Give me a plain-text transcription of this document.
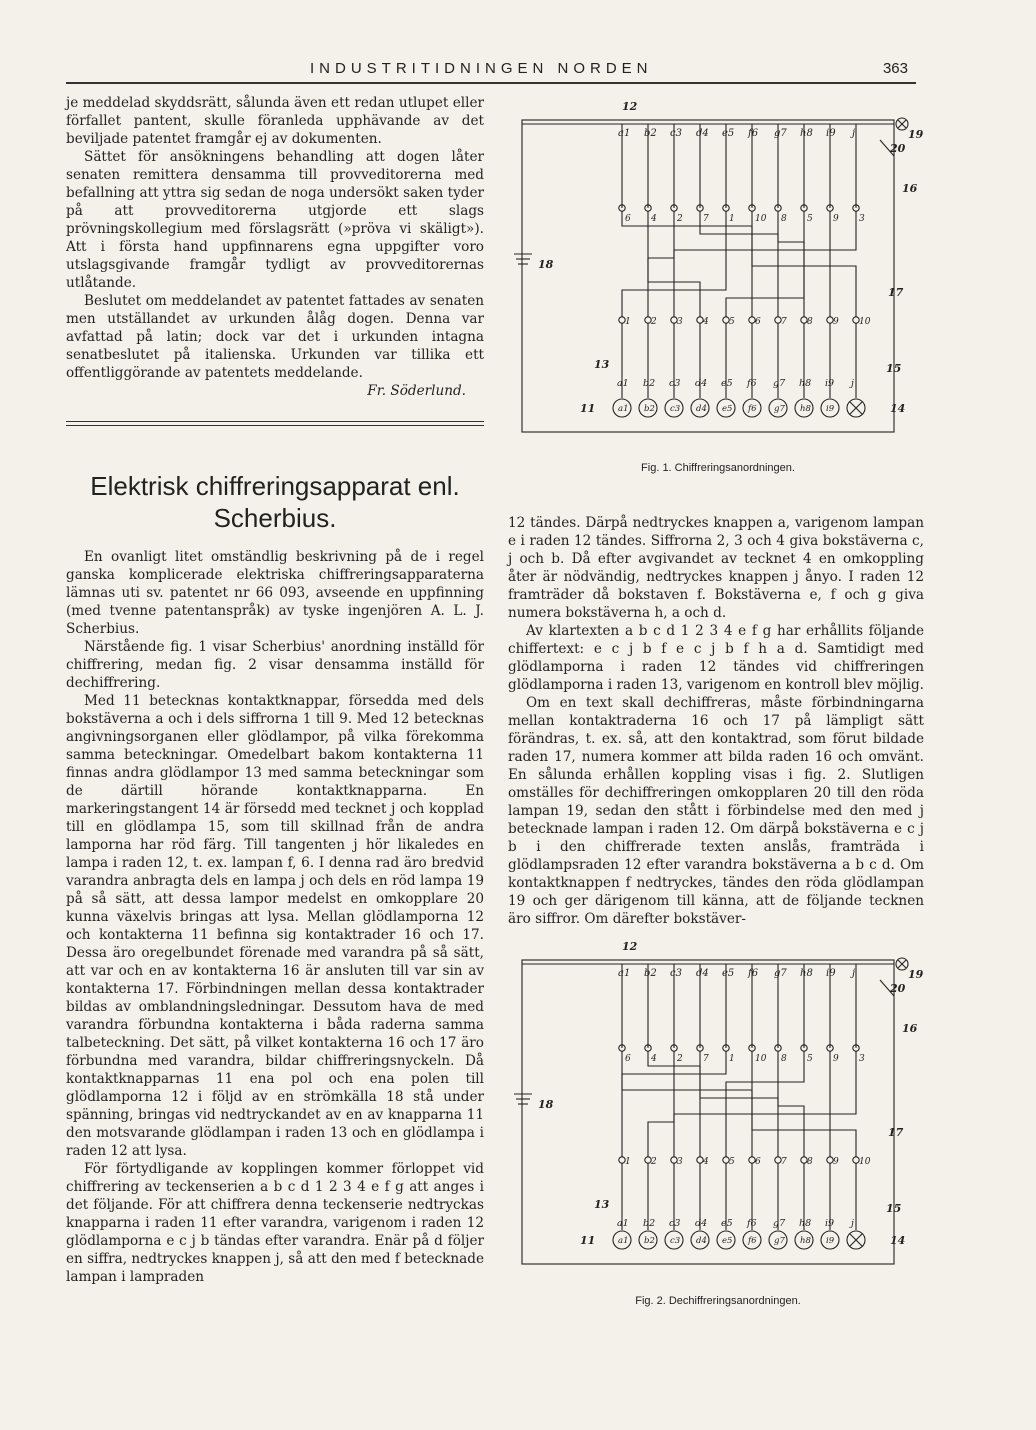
INDUSTRITIDNINGEN NORDEN	363

je meddelad skyddsrätt, sålunda även ett redan utlupet eller förfallet pantent, skulle föranleda upphävande av det beviljade patentet framgår ej av dokumenten.

Sättet för ansökningens behandling att dogen låter senaten remittera densamma till provveditorerna med befallning att yttra sig sedan de noga undersökt saken tyder på att provveditorerna utgjorde ett slags prövningskollegium med förslagsrätt (»pröva vi skäligt»). Att i första hand uppfinnarens egna uppgifter voro utslagsgivande framgår tydligt av provveditorernas utlåtande.

Beslutet om meddelandet av patentet fattades av senaten men utställandet av urkunden ålåg dogen. Denna var avfattad på latin; dock var det i urkunden intagna senatbeslutet på italienska. Urkunden var tillika ett offentliggörande av patentets meddelande.

Fr. Söderlund.

Elektrisk chiffreringsapparat enl. Scherbius.

En ovanligt litet omständlig beskrivning på de i regel ganska komplicerade elektriska chiffreringsapparaterna lämnas uti sv. patentet nr 66 093, avseende en uppfinning (med tvenne patentanspråk) av tyske ingenjören A. L. J. Scherbius.

Närstående fig. 1 visar Scherbius' anordning inställd för chiffrering, medan fig. 2 visar densamma inställd för dechiffrering.

Med 11 betecknas kontaktknappar, försedda med dels bokstäverna a och i dels siffrorna 1 till 9. Med 12 betecknas angivningsorganen eller glödlampor, på vilka förekomma samma beteckningar. Omedelbart bakom kontakterna 11 finnas andra glödlampor 13 med samma beteckningar som de därtill hörande kontaktknapparna. En markeringstangent 14 är försedd med tecknet j och kopplad till en glödlampa 15, som till skillnad från de andra lamporna har röd färg. Till tangenten j hör likaledes en lampa i raden 12, t. ex. lampan f, 6. I denna rad äro bredvid varandra anbragta dels en lampa j och dels en röd lampa 19 på så sätt, att dessa lampor medelst en omkopplare 20 kunna växelvis bringas att lysa. Mellan glödlamporna 12 och kontakterna 11 befinna sig kontaktrader 16 och 17. Dessa äro oregelbundet förenade med varandra på så sätt, att var och en av kontakterna 16 är ansluten till var sin av kontakterna 17. Förbindningen mellan dessa kontaktrader bildas av omblandningsledningar. Dessutom hava de med varandra förbundna kontakterna i båda raderna samma talbeteckning. Det sätt, på vilket kontakterna 16 och 17 äro förbundna med varandra, bildar chiffreringsnyckeln. Då kontaktknapparnas 11 ena pol och ena polen till glödlamporna 12 i följd av en strömkälla 18 stå under spänning, bringas vid nedtryckandet av en av knapparna 11 den motsvarande glödlampan i raden 13 och en glödlampa i raden 12 att lysa.

För förtydligande av kopplingen kommer förloppet vid chiffrering av teckenserien a b c d 1 2 3 4 e f g att anges i det följande. För att chiffrera denna teckenserie nedtryckas knapparna i raden 11 efter varandra, varigenom i raden 12 glödlamporna e c j b tändas efter varandra. Enär på d följer en siffra, nedtryckes knappen j, så att den med f betecknade lampan i lampraden

12 tändes. Därpå nedtryckes knappen a, varigenom lampan e i raden 12 tändes. Siffrorna 2, 3 och 4 giva bokstäverna c, j och b. Då efter avgivandet av tecknet 4 en omkoppling åter är nödvändig, nedtryckes knappen j ånyo. I raden 12 framträder då bokstaven f. Bokstäverna e, f och g giva numera bokstäverna h, a och d.

Av klartexten a b c d 1 2 3 4 e f g har erhållits följande chiffertext: e c j b f e c j b f h a d. Samtidigt med glödlamporna i raden 12 tändes vid chiffreringen glödlamporna i raden 13, varigenom en kontroll blev möjlig.

Om en text skall dechiffreras, måste förbindningarna mellan kontaktraderna 16 och 17 på lämpligt sätt förändras, t. ex. så, att den kontaktrad, som förut bildade raden 17, numera kommer att bilda raden 16 och omvänt. En sålunda erhållen koppling visas i fig. 2. Slutligen omställes för dechiffreringen omkopplaren 20 till den röda lampan 19, sedan den stått i förbindelse med den med j betecknade lampan i raden 12. Om därpå bokstäverna e c j b i den chiffrerade texten anslås, framträda i glödlampsraden 12 efter varandra bokstäverna a b c d. Om kontaktknappen f nedtryckes, tändes den röda glödlampan 19 och ger därigenom till känna, att de följande tecknen äro siffror. Om därefter bokstäver-

a1 b2 c3 d4 e5 f6 g7 h8 i9 j
6 4 2 7 1 10 8 5 9 3
1 2 3 4 5 6 7 8 9 10
a1 b2 c3 d4 e5 f6 g7 h8 i9 j
a1 b2 c3 d4 e5 f6 g7 h8 i9
12
19
20
16
18
17
13	15
11	14
Fig. 1. Chiffreringsanordningen.
a1 b2 c3 d4 e5 f6 g7 h8 i9 j
6 4 2 7 1 10 8 5 9 3
1 2 3 4 5 6 7 8 9 10
a1 b2 c3 d4 e5 f6 g7 h8 i9 j
a1 b2 c3 d4 e5 f6 g7 h8 i9
12
19
20
16
18
17
13	15
11	14
Fig. 2. Dechiffreringsanordningen.
